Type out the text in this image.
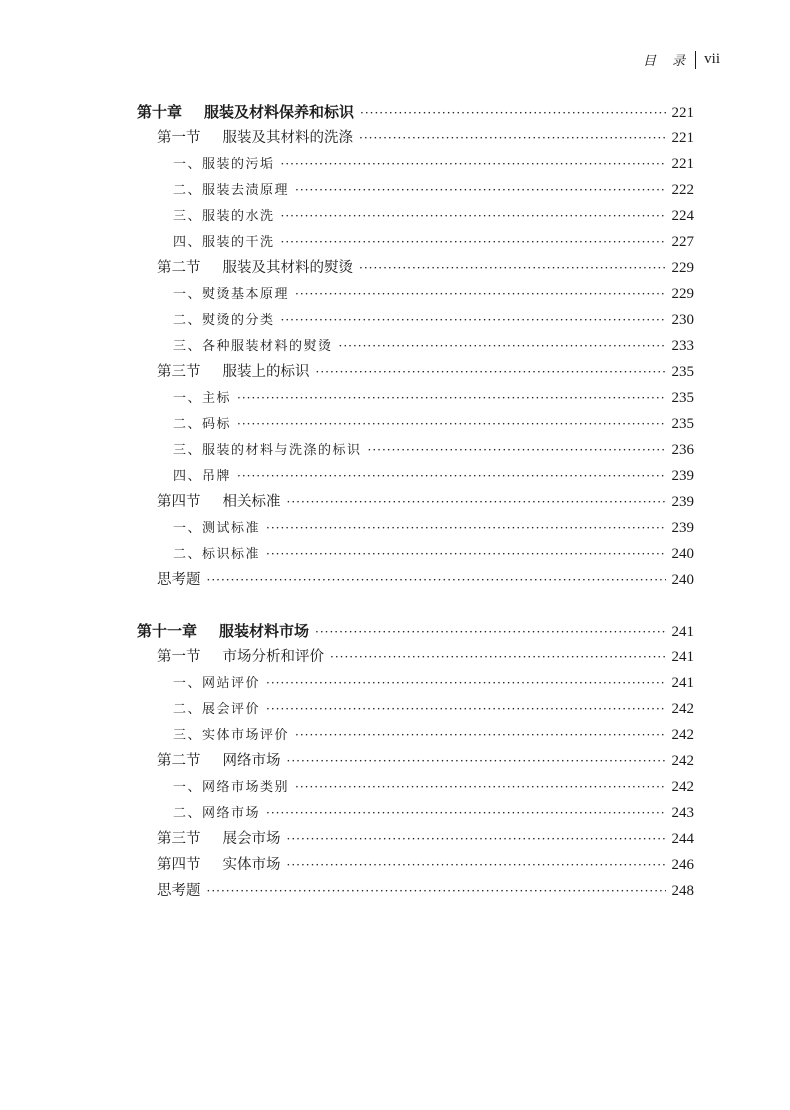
目 录 vii
第十章 服装及材料保养和标识 ·····	221
第一节 服装及其材料的洗涤 ·····	221
一、服装的污垢 ·····	221
二、服装去渍原理 ·····	222
三、服装的水洗 ·····	224
四、服装的干洗 ·····	227
第二节 服装及其材料的熨烫 ·····	229
一、熨烫基本原理 ·····	229
二、熨烫的分类 ·····	230
三、各种服装材料的熨烫 ·····	233
第三节 服装上的标识 ·····	235
一、主标 ·····	235
二、码标 ·····	235
三、服装的材料与洗涤的标识 ·····	236
四、吊牌 ·····	239
第四节 相关标准 ·····	239
一、测试标准 ·····	239
二、标识标准 ·····	240
思考题 ·····	240
第十一章 服装材料市场 ·····	241
第一节 市场分析和评价 ·····	241
一、网站评价 ·····	241
二、展会评价 ·····	242
三、实体市场评价 ·····	242
第二节 网络市场 ·····	242
一、网络市场类别 ·····	242
二、网络市场 ·····	243
第三节 展会市场 ·····	244
第四节 实体市场 ·····	246
思考题 ·····	248
